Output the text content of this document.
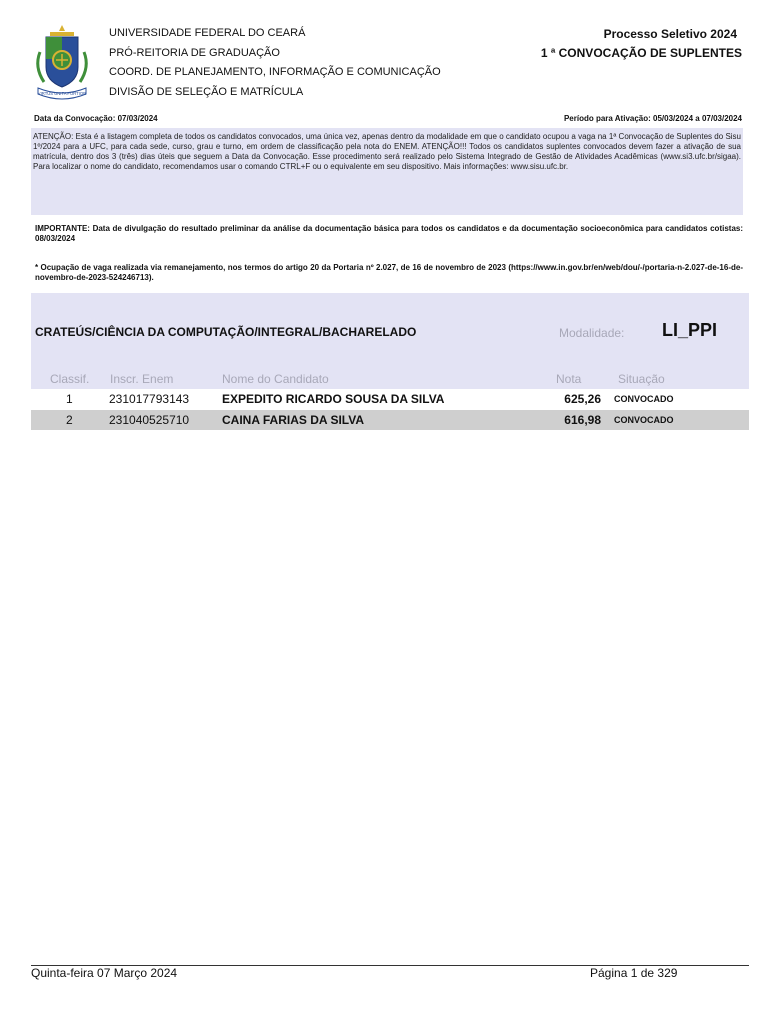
VIRTUS UNITA FORTIOR
UNIVERSIDADE FEDERAL DO CEARÁ
PRÓ-REITORIA DE GRADUAÇÃO
COORD. DE PLANEJAMENTO, INFORMAÇÃO E COMUNICAÇÃO
DIVISÃO DE SELEÇÃO E MATRÍCULA
Processo Seletivo 2024
1 ª CONVOCAÇÃO DE SUPLENTES
Data da Convocação: 07/03/2024	Período para Ativação: 05/03/2024 a 07/03/2024
ATENÇÃO: Esta é a listagem completa de todos os candidatos convocados, uma única vez, apenas dentro da modalidade em que o candidato ocupou a vaga na 1ª Convocação de Suplentes do Sisu 1º/2024 para a UFC, para cada sede, curso, grau e turno, em ordem de classificação pela nota do ENEM. ATENÇÃO!!! Todos os candidatos suplentes convocados devem fazer a ativação de sua matrícula, dentro dos 3 (três) dias úteis que seguem a Data da Convocação. Esse procedimento será realizado pelo Sistema Integrado de Gestão de Atividades Acadêmicas (www.si3.ufc.br/sigaa). Para localizar o nome do candidato, recomendamos usar o comando CTRL+F ou o equivalente em seu dispositivo. Mais informações: www.sisu.ufc.br.
IMPORTANTE: Data de divulgação do resultado preliminar da análise da documentação básica para todos os candidatos e da documentação socioeconômica para candidatos cotistas: 08/03/2024
* Ocupação de vaga realizada via remanejamento, nos termos do artigo 20 da Portaria nº 2.027, de 16 de novembro de 2023 (https://www.in.gov.br/en/web/dou/-/portaria-n-2.027-de-16-de-novembro-de-2023-524246713).
CRATEÚS/CIÊNCIA DA COMPUTAÇÃO/INTEGRAL/BACHARELADO	Modalidade: LI_PPI
Classif. Inscr. Enem	Nome do Candidato	Nota	Situação
1	231017793143	EXPEDITO RICARDO SOUSA DA SILVA	625,26 CONVOCADO
2	231040525710	CAINA FARIAS DA SILVA	616,98 CONVOCADO
Quinta-feira 07 Março 2024	Página 1 de 329
